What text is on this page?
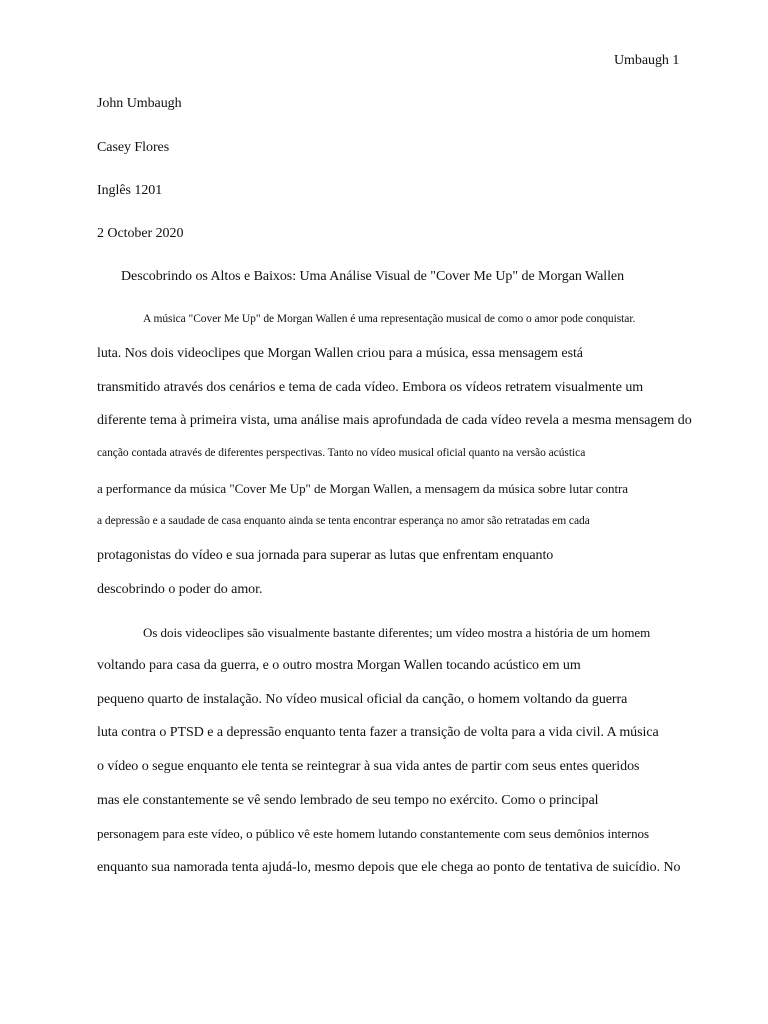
Umbaugh 1
John Umbaugh
Casey Flores
Inglês 1201
2 October 2020
Descobrindo os Altos e Baixos: Uma Análise Visual de "Cover Me Up" de Morgan Wallen
A música "Cover Me Up" de Morgan Wallen é uma representação musical de como o amor pode conquistar.
luta. Nos dois videoclipes que Morgan Wallen criou para a música, essa mensagem está
transmitido através dos cenários e tema de cada vídeo. Embora os vídeos retratem visualmente um
diferente tema à primeira vista, uma análise mais aprofundada de cada vídeo revela a mesma mensagem do
canção contada através de diferentes perspectivas. Tanto no vídeo musical oficial quanto na versão acústica
a performance da música "Cover Me Up" de Morgan Wallen, a mensagem da música sobre lutar contra
a depressão e a saudade de casa enquanto ainda se tenta encontrar esperança no amor são retratadas em cada
protagonistas do vídeo e sua jornada para superar as lutas que enfrentam enquanto
descobrindo o poder do amor.
Os dois videoclipes são visualmente bastante diferentes; um vídeo mostra a história de um homem
voltando para casa da guerra, e o outro mostra Morgan Wallen tocando acústico em um
pequeno quarto de instalação. No vídeo musical oficial da canção, o homem voltando da guerra
luta contra o PTSD e a depressão enquanto tenta fazer a transição de volta para a vida civil. A música
o vídeo o segue enquanto ele tenta se reintegrar à sua vida antes de partir com seus entes queridos
mas ele constantemente se vê sendo lembrado de seu tempo no exército. Como o principal
personagem para este vídeo, o público vê este homem lutando constantemente com seus demônios internos
enquanto sua namorada tenta ajudá-lo, mesmo depois que ele chega ao ponto de tentativa de suicídio. No
